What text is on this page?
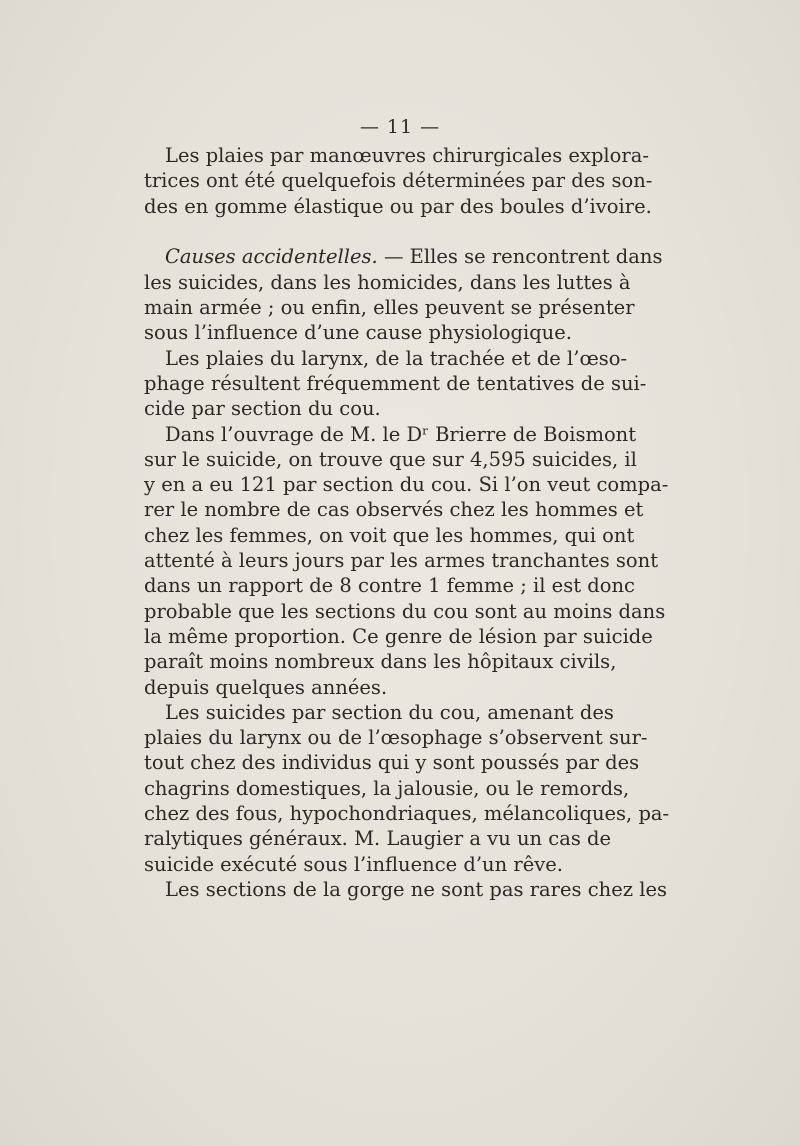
— 11 —
Les plaies par manœuvres chirurgicales explora-
trices ont été quelquefois déterminées par des son-
des en gomme élastique ou par des boules d’ivoire.
Causes accidentelles. — Elles se rencontrent dans
les suicides, dans les homicides, dans les luttes à
main armée ; ou enfin, elles peuvent se présenter
sous l’influence d’une cause physiologique.
Les plaies du larynx, de la trachée et de l’œso-
phage résultent fréquemment de tentatives de sui-
cide par section du cou.
Dans l’ouvrage de M. le Dʳ Brierre de Boismont
sur le suicide, on trouve que sur 4,595 suicides, il
y en a eu 121 par section du cou. Si l’on veut compa-
rer le nombre de cas observés chez les hommes et
chez les femmes, on voit que les hommes, qui ont
attenté à leurs jours par les armes tranchantes sont
dans un rapport de 8 contre 1 femme ; il est donc
probable que les sections du cou sont au moins dans
la même proportion. Ce genre de lésion par suicide
paraît moins nombreux dans les hôpitaux civils,
depuis quelques années.
Les suicides par section du cou, amenant des
plaies du larynx ou de l’œsophage s’observent sur-
tout chez des individus qui y sont poussés par des
chagrins domestiques, la jalousie, ou le remords,
chez des fous, hypochondriaques, mélancoliques, pa-
ralytiques généraux. M. Laugier a vu un cas de
suicide exécuté sous l’influence d’un rêve.
Les sections de la gorge ne sont pas rares chez les
